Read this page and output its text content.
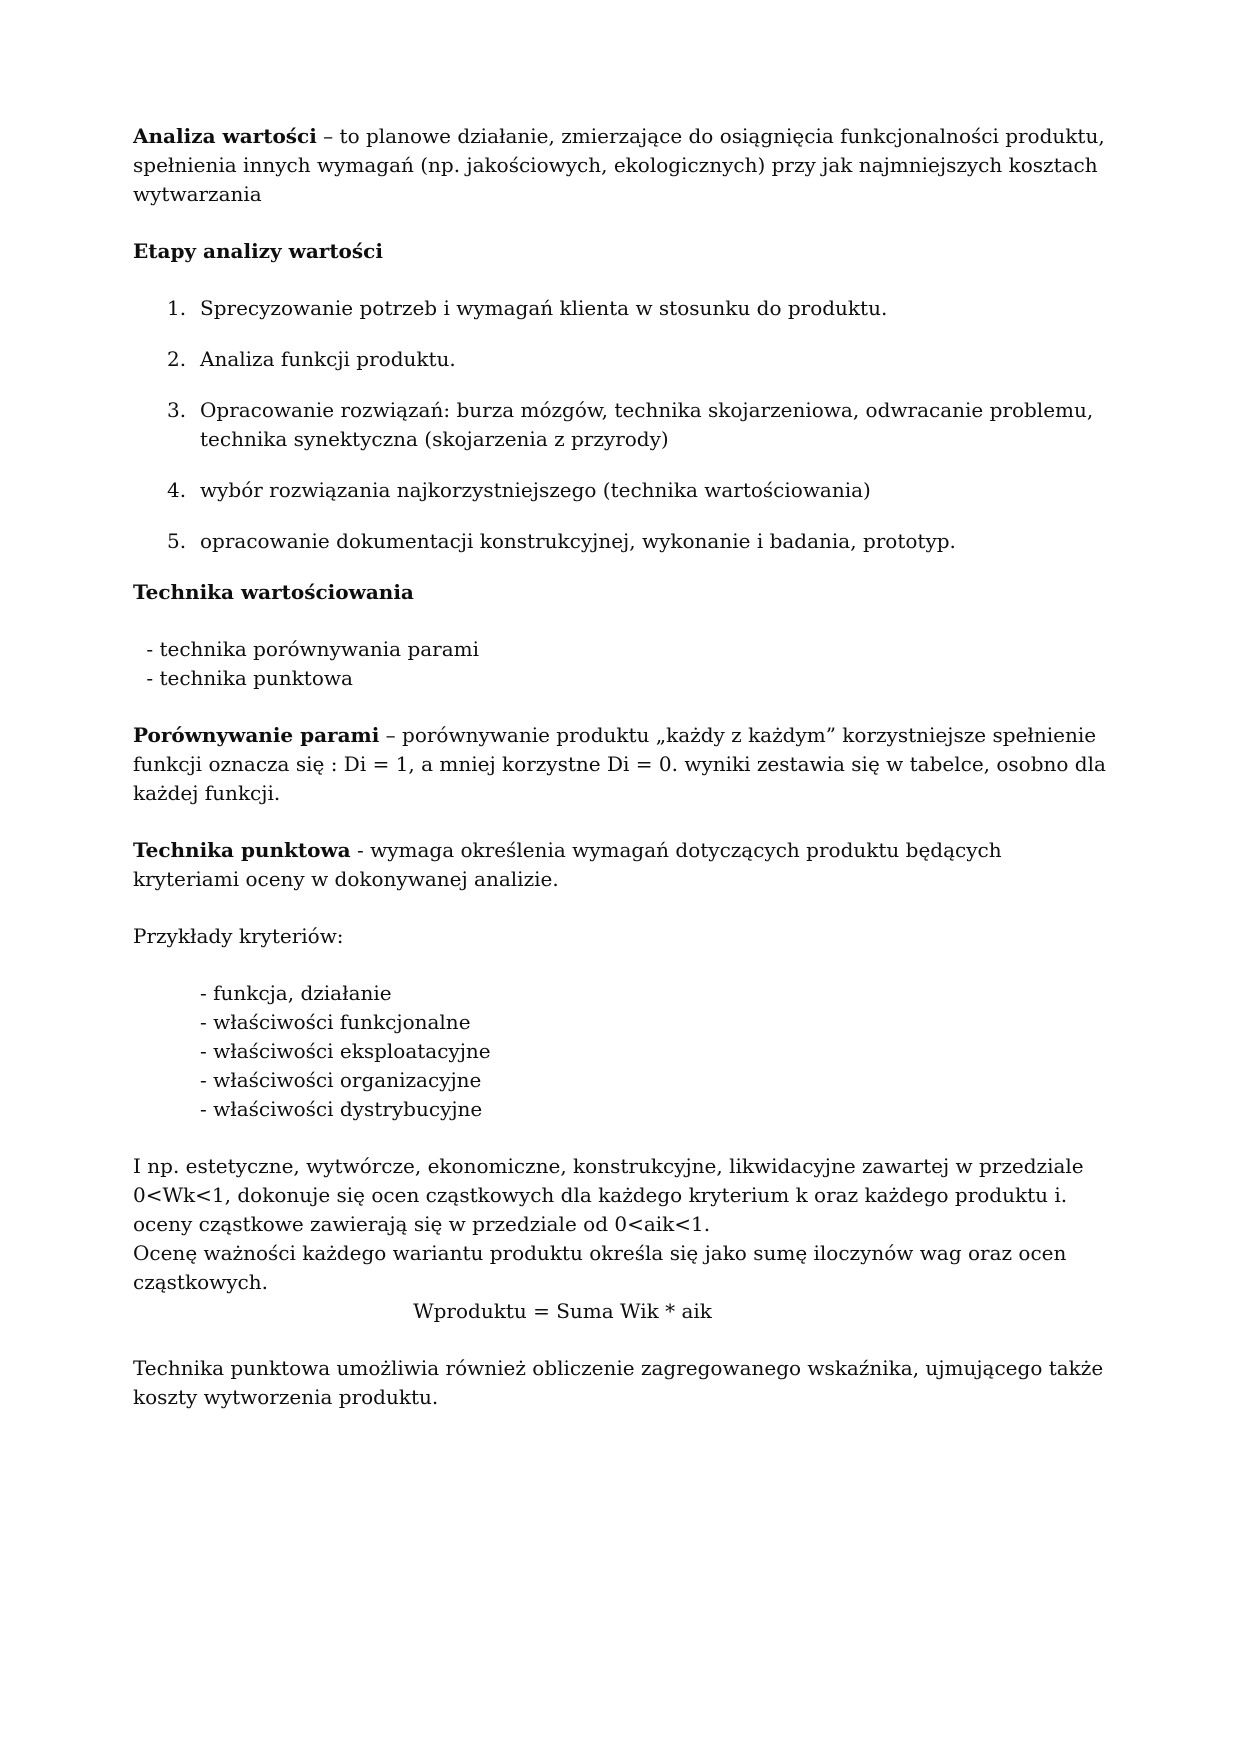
Analiza wartości – to planowe działanie, zmierzające do osiągnięcia funkcjonalności produktu, spełnienia innych wymagań (np. jakościowych, ekologicznych) przy jak najmniejszych kosztach wytwarzania

Etapy analizy wartości
1. Sprecyzowanie potrzeb i wymagań klienta w stosunku do produktu.
2. Analiza funkcji produktu.
3. Opracowanie rozwiązań: burza mózgów, technika skojarzeniowa, odwracanie problemu, technika synektyczna (skojarzenia z przyrody)
4. wybór rozwiązania najkorzystniejszego (technika wartościowania)
5. opracowanie dokumentacji konstrukcyjnej, wykonanie i badania, prototyp.
Technika wartościowania
- technika porównywania parami
- technika punktowa

Porównywanie parami – porównywanie produktu „każdy z każdym” korzystniejsze spełnienie funkcji oznacza się : Di = 1, a mniej korzystne Di = 0. wyniki zestawia się w tabelce, osobno dla każdej funkcji.

Technika punktowa - wymaga określenia wymagań dotyczących produktu będących kryteriami oceny w dokonywanej analizie.

Przykłady kryteriów:

- funkcja, działanie
- właściwości funkcjonalne
- właściwości eksploatacyjne
- właściwości organizacyjne
- właściwości dystrybucyjne
I np. estetyczne, wytwórcze, ekonomiczne, konstrukcyjne, likwidacyjne zawartej w przedziale 0<Wk<1, dokonuje się ocen cząstkowych dla każdego kryterium k oraz każdego produktu i. oceny cząstkowe zawierają się w przedziale od 0<aik<1.
Ocenę ważności każdego wariantu produktu określa się jako sumę iloczynów wag oraz ocen cząstkowych.
Wproduktu = Suma Wik * aik

Technika punktowa umożliwia również obliczenie zagregowanego wskaźnika, ujmującego także koszty wytworzenia produktu.
